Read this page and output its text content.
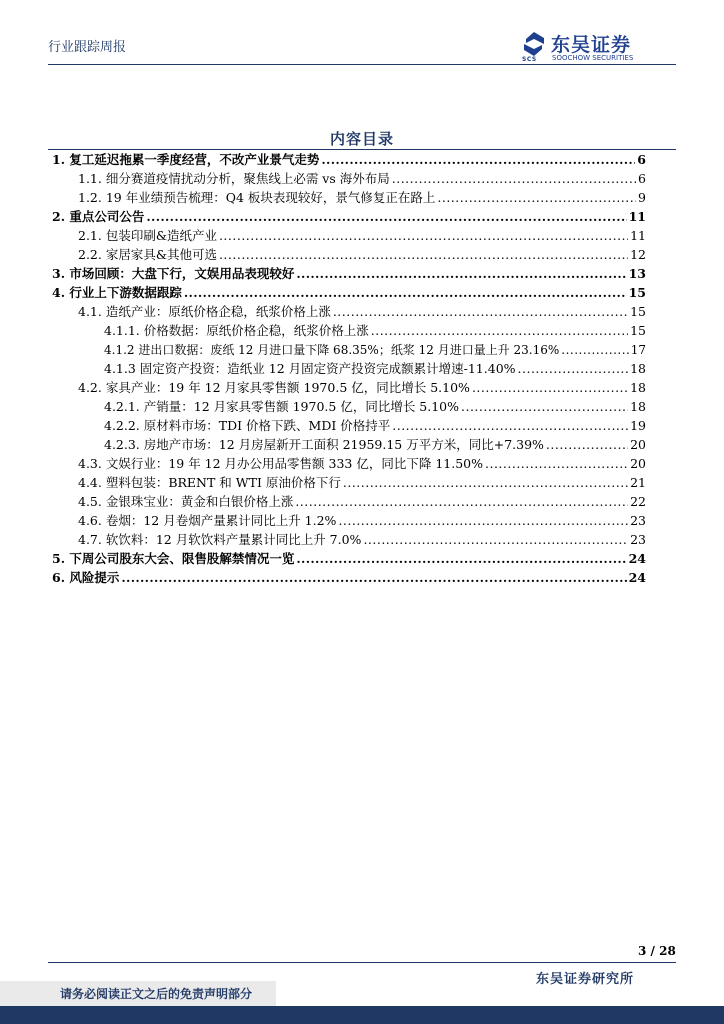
行业跟踪周报
SCS
东吴证券
SOOCHOW SECURITIES
内容目录
1. 复工延迟拖累一季度经营，不改产业景气走势 .....	6
1.1. 细分赛道疫情扰动分析，聚焦线上必需 vs 海外布局 .....	6
1.2. 19 年业绩预告梳理：Q4 板块表现较好，景气修复正在路上 .....	9
2. 重点公司公告 .....	11
2.1. 包装印刷&造纸产业 .....	11
2.2. 家居家具&其他可选 .....	12
3. 市场回顾：大盘下行，文娱用品表现较好 .....	13
4. 行业上下游数据跟踪 .....	15
4.1. 造纸产业：原纸价格企稳，纸浆价格上涨 .....	15
4.1.1. 价格数据：原纸价格企稳，纸浆价格上涨 .....	15
4.1.2 进出口数据：废纸 12 月进口量下降 68.35%；纸浆 12 月进口量上升 23.16% .....	17
4.1.3 固定资产投资：造纸业 12 月固定资产投资完成额累计增速-11.40% .....	18
4.2. 家具产业：19 年 12 月家具零售额 1970.5 亿，同比增长 5.10% .....	18
4.2.1. 产销量：12 月家具零售额 1970.5 亿，同比增长 5.10% .....	18
4.2.2. 原材料市场：TDI 价格下跌、MDI 价格持平 .....	19
4.2.3. 房地产市场：12 月房屋新开工面积 21959.15 万平方米，同比+7.39% .....	20
4.3. 文娱行业：19 年 12 月办公用品零售额 333 亿，同比下降 11.50% .....	20
4.4. 塑料包装：BRENT 和 WTI 原油价格下行 .....	21
4.5. 金银珠宝业：黄金和白银价格上涨 .....	22
4.6. 卷烟：12 月卷烟产量累计同比上升 1.2% .....	23
4.7. 软饮料：12 月软饮料产量累计同比上升 7.0% .....	23
5. 下周公司股东大会、限售股解禁情况一览 .....	24
6. 风险提示 .....	24
3 / 28
东吴证券研究所
请务必阅读正文之后的免责声明部分
